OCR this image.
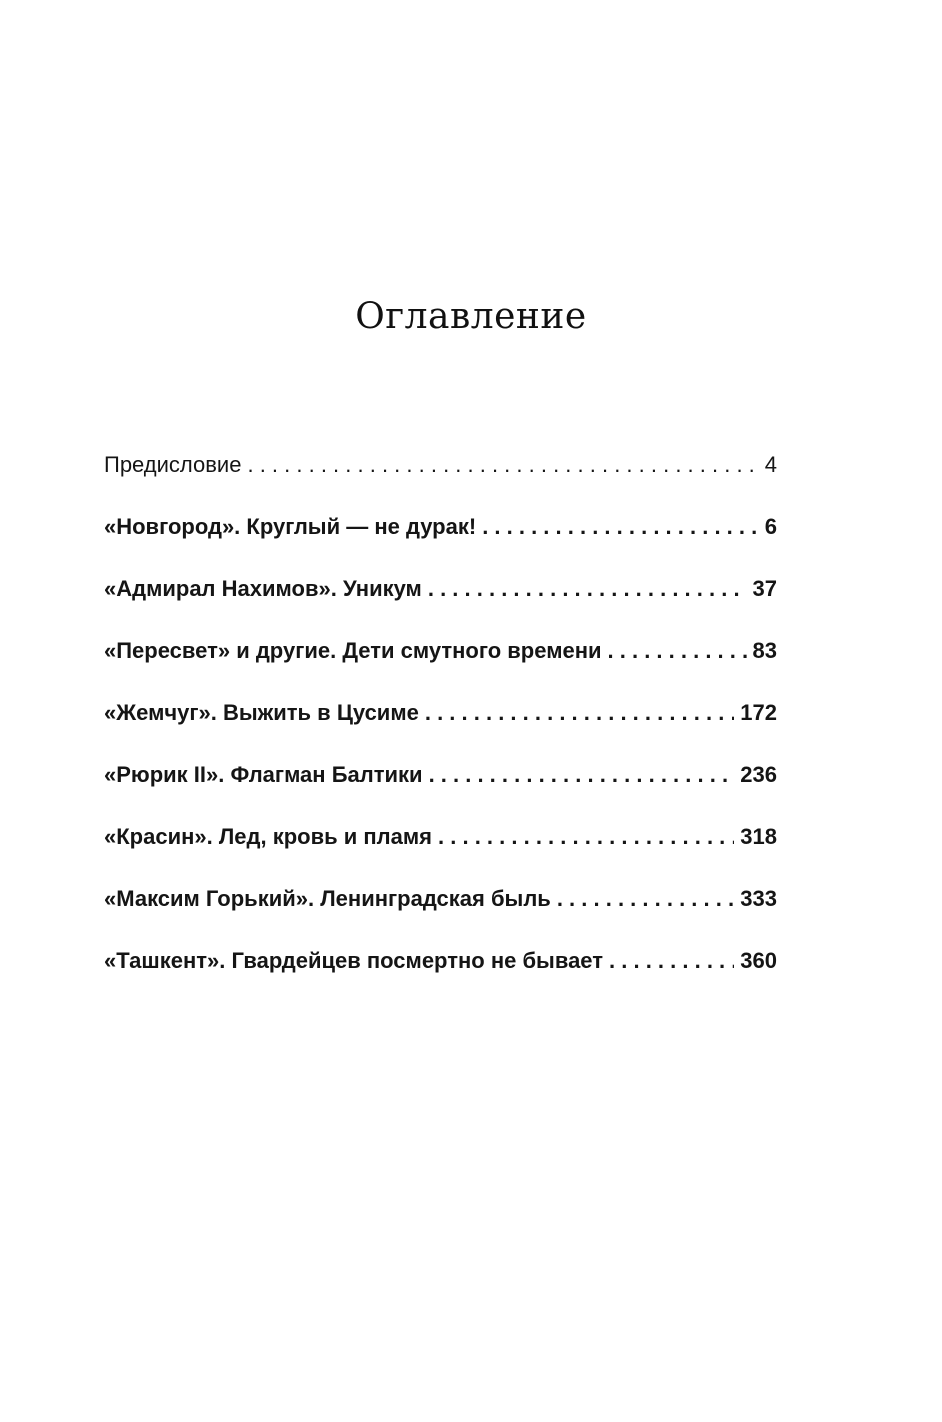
Оглавление
Предисловие . . .	4
«Новгород». Круглый — не дурак! . . .	6
«Адмирал Нахимов». Уникум . . .	37
«Пересвет» и другие. Дети смутного времени . . .	83
«Жемчуг». Выжить в Цусиме . . .	172
«Рюрик II». Флагман Балтики . . .	236
«Красин». Лед, кровь и пламя . . .	318
«Максим Горький». Ленинградская быль . . .	333
«Ташкент». Гвардейцев посмертно не бывает . . .	360
